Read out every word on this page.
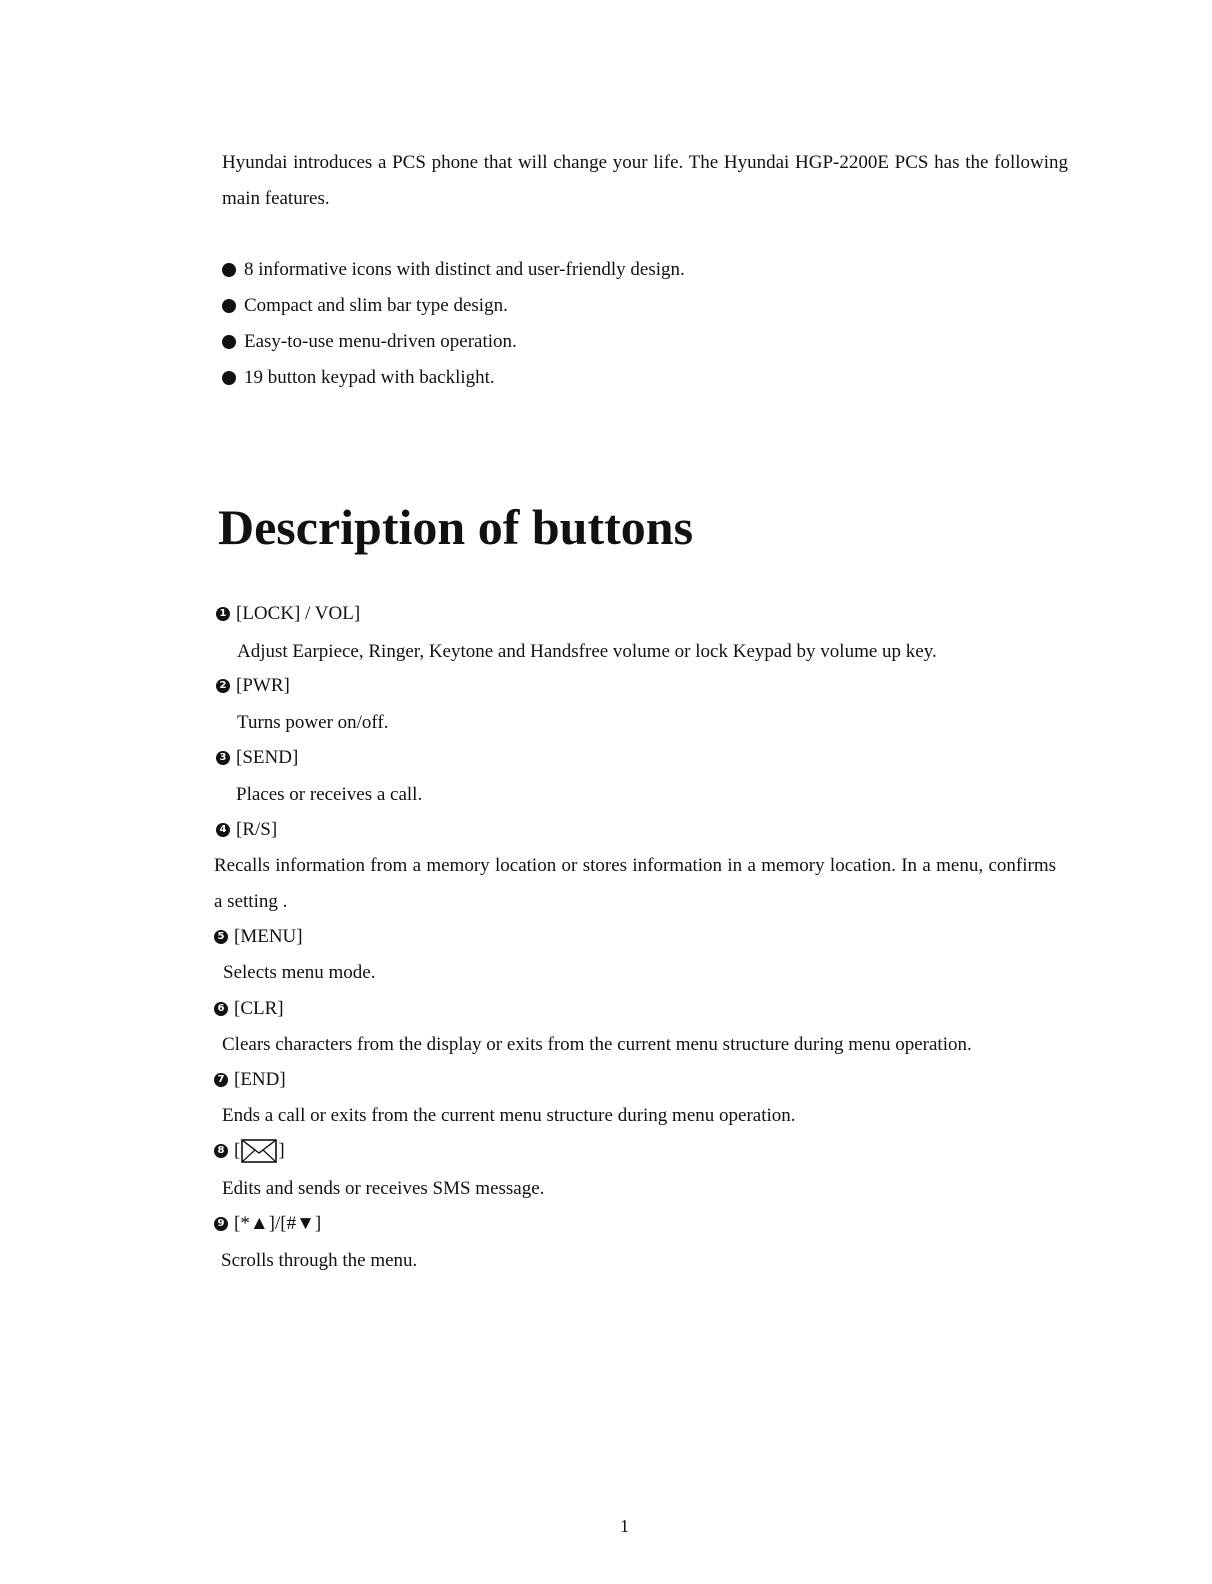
Hyundai introduces a PCS phone that will change your life. The Hyundai HGP-2200E PCS has the following main features.

8 informative icons with distinct and user-friendly design.
Compact and slim bar type design.
Easy-to-use menu-driven operation.
19 button keypad with backlight.
Description of buttons
1 [LOCK] / VOL]

Adjust Earpiece, Ringer, Keytone and Handsfree volume or lock Keypad by volume up key.

2 [PWR]

Turns power on/off.

3 [SEND]

Places or receives a call.

4 [R/S]

Recalls information from a memory location or stores information in a memory location. In a menu, confirms a setting .

5 [MENU]

Selects menu mode.

6 [CLR]

Clears characters from the display or exits from the current menu structure during menu operation.

7 [END]

Ends a call or exits from the current menu structure during menu operation.

8 [ ]

Edits and sends or receives SMS message.

9 [*▲]/[#▼]

Scrolls through the menu.

1
